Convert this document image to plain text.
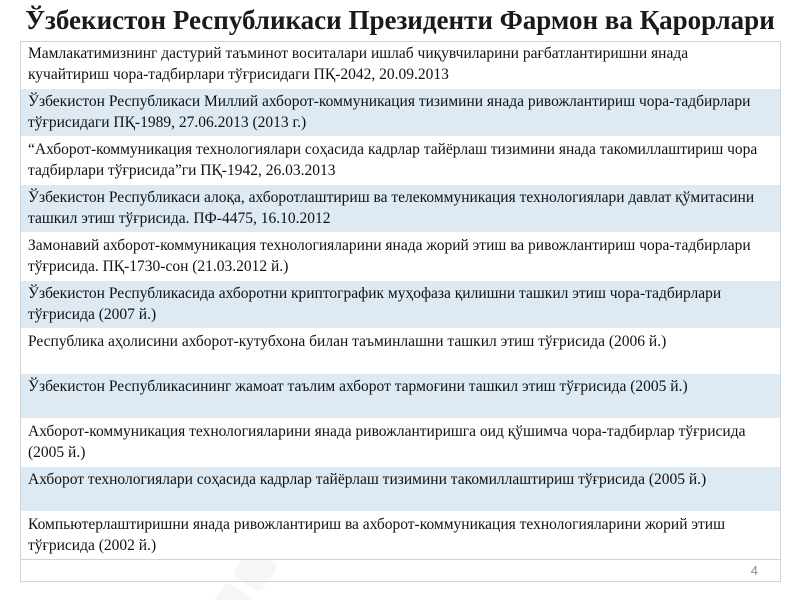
Ўзбекистон Республикаси Президенти Фармон ва Қарорлари
Мамлакатимизнинг дастурий таъминот воситалари ишлаб чиқувчиларини рағбатлантиришни янада кучайтириш чора-тадбирлари тўғрисидаги ПҚ-2042, 20.09.2013
Ўзбекистон Республикаси Миллий ахборот-коммуникация тизимини янада ривожлантириш чора-тадбирлари тўғрисидаги ПҚ-1989, 27.06.2013 (2013 г.)
“Ахборот-коммуникация технологиялари соҳасида кадрлар тайёрлаш тизимини янада такомиллаштириш чора тадбирлари тўғрисида”ги ПҚ-1942, 26.03.2013
Ўзбекистон Республикаси алоқа, ахборотлаштириш ва телекоммуникация технологиялари давлат қўмитасини ташкил этиш тўғрисида. ПФ-4475, 16.10.2012
Замонавий ахборот-коммуникация технологияларини янада жорий этиш ва ривожлантириш чора-тадбирлари тўғрисида. ПҚ-1730-сон (21.03.2012 й.)
Ўзбекистон Республикасида ахборотни криптографик муҳофаза қилишни ташкил этиш чора-тадбирлари тўғрисида (2007 й.)
Республика аҳолисини ахборот-кутубхона билан таъминлашни ташкил этиш тўғрисида (2006 й.)
Ўзбекистон Республикасининг жамоат таълим ахборот тармоғини ташкил этиш тўғрисида (2005 й.)
Ахборот-коммуникация технологияларини янада ривожлантиришга оид қўшимча чора-тадбирлар тўғрисида (2005 й.)
Ахборот технологиялари соҳасида кадрлар тайёрлаш тизимини такомиллаштириш тўғрисида (2005 й.)
Компьютерлаштиришни янада ривожлантириш ва ахборот-коммуникация технологияларини жорий этиш тўғрисида (2002 й.)
4
